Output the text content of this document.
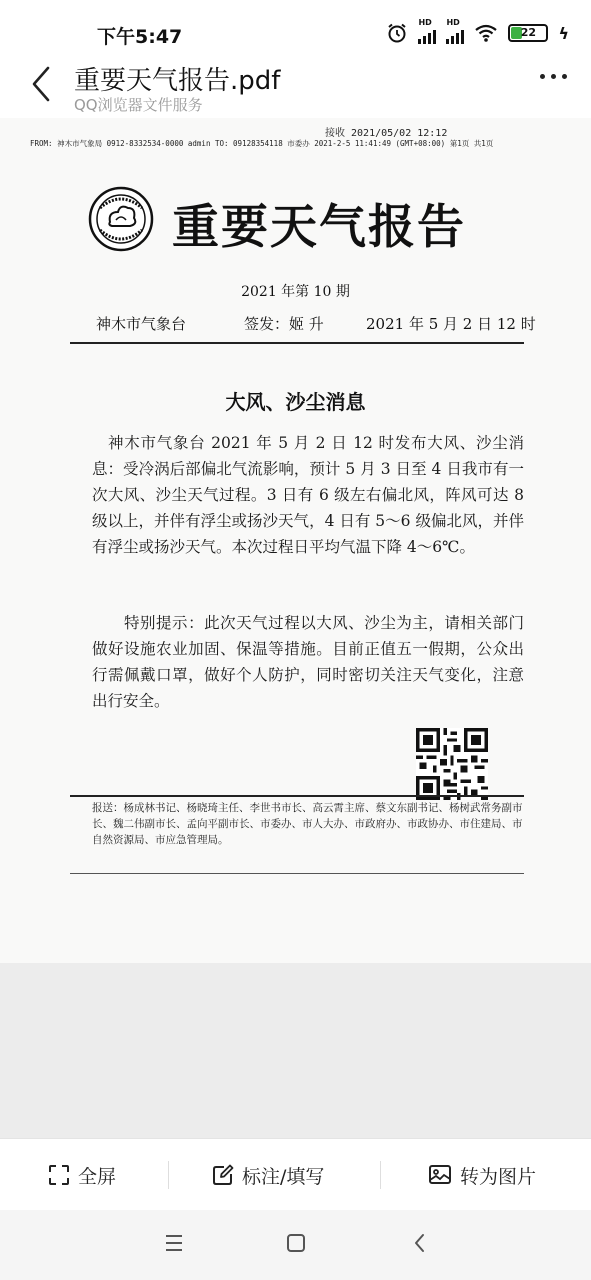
下午5:47
HD HD
22	ϟ
重要天气报告.pdf
QQ浏览器文件服务
接收 2021/05/02 12:12
FROM: 神木市气象局 0912-8332534-0000 admin TO: 09128354118 市委办 2021-2-5 11:41:49 (GMT+08:00) 第1页 共1页
重要天气报告
2021 年第 10 期
神木市气象台	签发：姬 升	2021 年 5 月 2 日 12 时
大风、沙尘消息
神木市气象台 2021 年 5 月 2 日 12 时发布大风、沙尘消息：受冷涡后部偏北气流影响，预计 5 月 3 日至 4 日我市有一次大风、沙尘天气过程。3 日有 6 级左右偏北风，阵风可达 8 级以上，并伴有浮尘或扬沙天气，4 日有 5～6 级偏北风，并伴有浮尘或扬沙天气。本次过程日平均气温下降 4～6℃。
特别提示：此次天气过程以大风、沙尘为主，请相关部门做好设施农业加固、保温等措施。目前正值五一假期，公众出行需佩戴口罩，做好个人防护，同时密切关注天气变化，注意出行安全。
报送：杨成林书记、杨晓琦主任、李世书市长、高云霄主席、蔡文东副书记、杨树武常务副市长、魏二伟副市长、孟向平副市长、市委办、市人大办、市政府办、市政协办、市住建局、市自然资源局、市应急管理局。
全屏	标注/填写	转为图片
